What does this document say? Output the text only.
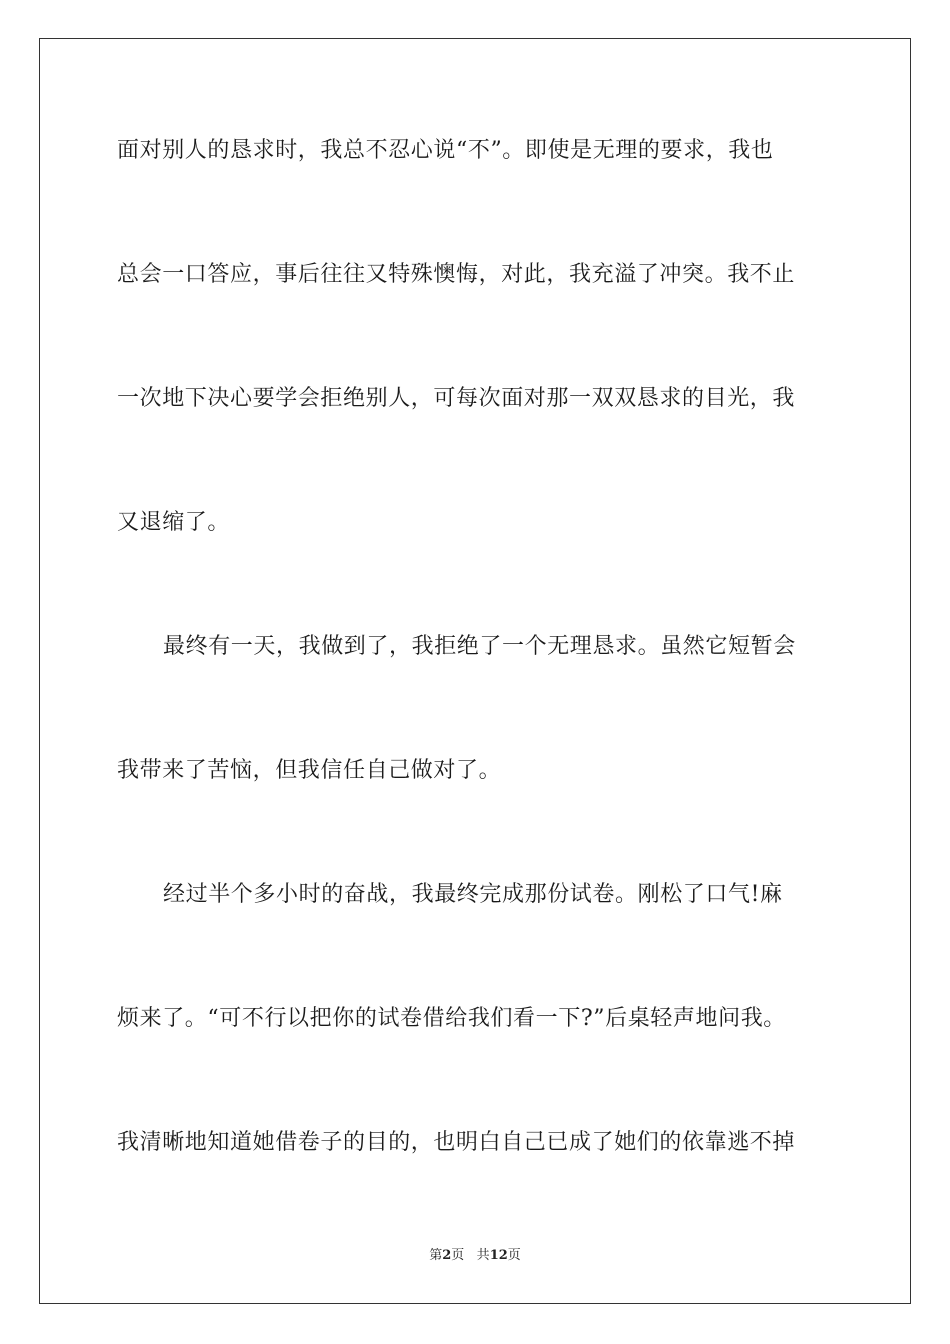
面对别人的恳求时，我总不忍心说“不”。即使是无理的要求，我也
总会一口答应，事后往往又特殊懊悔，对此，我充溢了冲突。我不止
一次地下决心要学会拒绝别人，可每次面对那一双双恳求的目光，我
又退缩了。
最终有一天，我做到了，我拒绝了一个无理恳求。虽然它短暂会
我带来了苦恼，但我信任自己做对了。
经过半个多小时的奋战，我最终完成那份试卷。刚松了口气!麻
烦来了。“可不行以把你的试卷借给我们看一下?”后桌轻声地问我。
我清晰地知道她借卷子的目的，也明白自己已成了她们的依靠逃不掉
第2页 共12页
